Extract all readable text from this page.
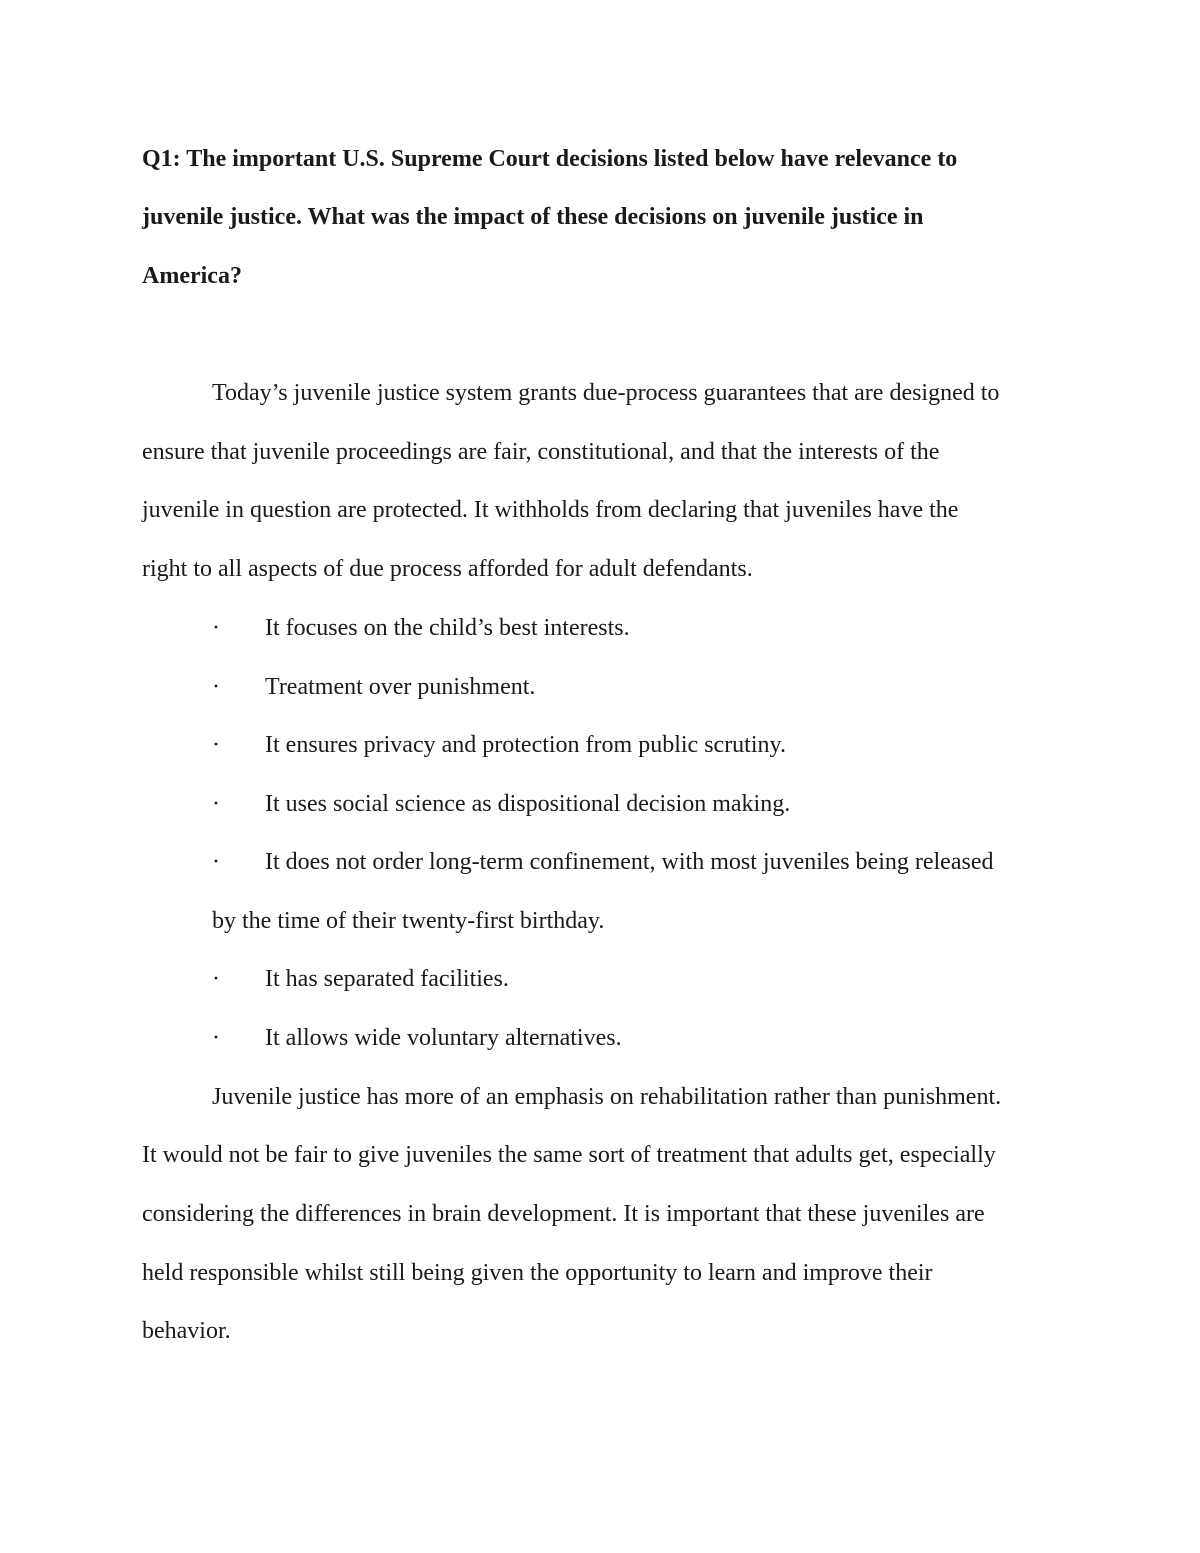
Q1: The important U.S. Supreme Court decisions listed below have relevance to

juvenile justice. What was the impact of these decisions on juvenile justice in

America?

Today’s juvenile justice system grants due-process guarantees that are designed to

ensure that juvenile proceedings are fair, constitutional, and that the interests of the

juvenile in question are protected. It withholds from declaring that juveniles have the

right to all aspects of due process afforded for adult defendants.

· It focuses on the child’s best interests.

· Treatment over punishment.

· It ensures privacy and protection from public scrutiny.

· It uses social science as dispositional decision making.

· It does not order long-term confinement, with most juveniles being released

by the time of their twenty-first birthday.

· It has separated facilities.

· It allows wide voluntary alternatives.

Juvenile justice has more of an emphasis on rehabilitation rather than punishment.

It would not be fair to give juveniles the same sort of treatment that adults get, especially

considering the differences in brain development. It is important that these juveniles are

held responsible whilst still being given the opportunity to learn and improve their

behavior.
